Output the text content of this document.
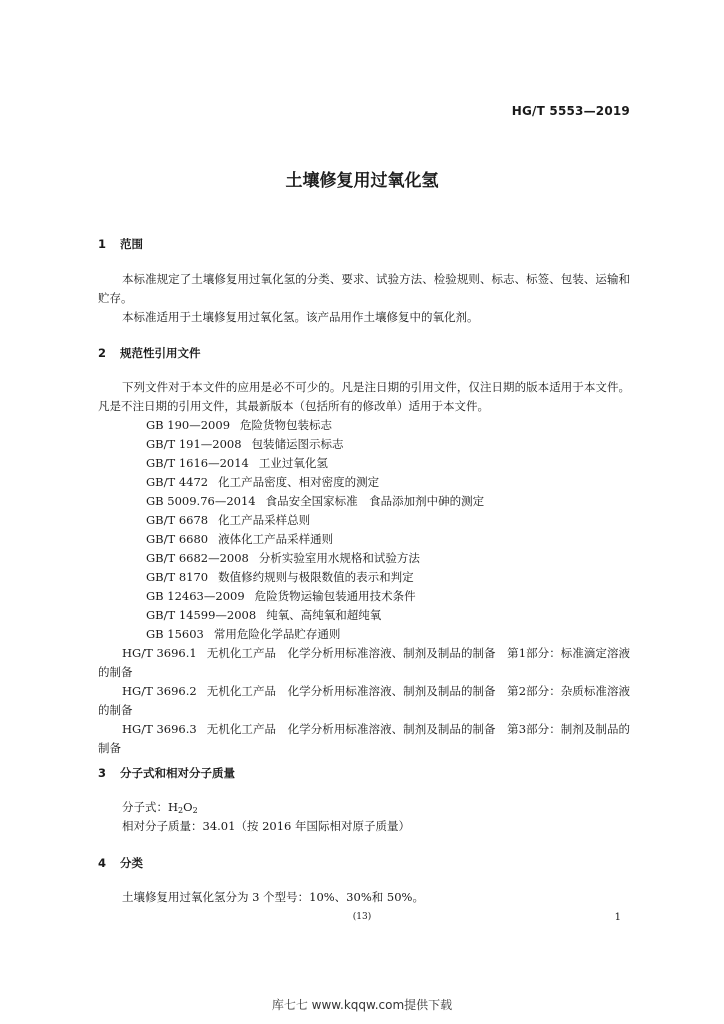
HG/T 5553—2019
土壤修复用过氧化氢
1 范围
本标准规定了土壤修复用过氧化氢的分类、要求、试验方法、检验规则、标志、标签、包装、运输和贮存。
本标准适用于土壤修复用过氧化氢。该产品用作土壤修复中的氧化剂。
2 规范性引用文件
下列文件对于本文件的应用是必不可少的。凡是注日期的引用文件，仅注日期的版本适用于本文件。凡是不注日期的引用文件，其最新版本（包括所有的修改单）适用于本文件。
GB 190—2009 危险货物包装标志
GB/T 191—2008 包装储运图示标志
GB/T 1616—2014 工业过氧化氢
GB/T 4472 化工产品密度、相对密度的测定
GB 5009.76—2014 食品安全国家标准　食品添加剂中砷的测定
GB/T 6678 化工产品采样总则
GB/T 6680 液体化工产品采样通则
GB/T 6682—2008 分析实验室用水规格和试验方法
GB/T 8170 数值修约规则与极限数值的表示和判定
GB 12463—2009 危险货物运输包装通用技术条件
GB/T 14599—2008 纯氧、高纯氧和超纯氧
GB 15603 常用危险化学品贮存通则
HG/T 3696.1 无机化工产品　化学分析用标准溶液、制剂及制品的制备　第1部分：标准滴定溶液的制备
HG/T 3696.2 无机化工产品　化学分析用标准溶液、制剂及制品的制备　第2部分：杂质标准溶液的制备
HG/T 3696.3 无机化工产品　化学分析用标准溶液、制剂及制品的制备　第3部分：制剂及制品的制备
3 分子式和相对分子质量
分子式：$H_2O_2$
相对分子质量：34.01（按 2016 年国际相对原子质量）
4 分类
土壤修复用过氧化氢分为 3 个型号：10%、30%和 50%。
(13)	1
库七七 www.kqqw.com提供下载
